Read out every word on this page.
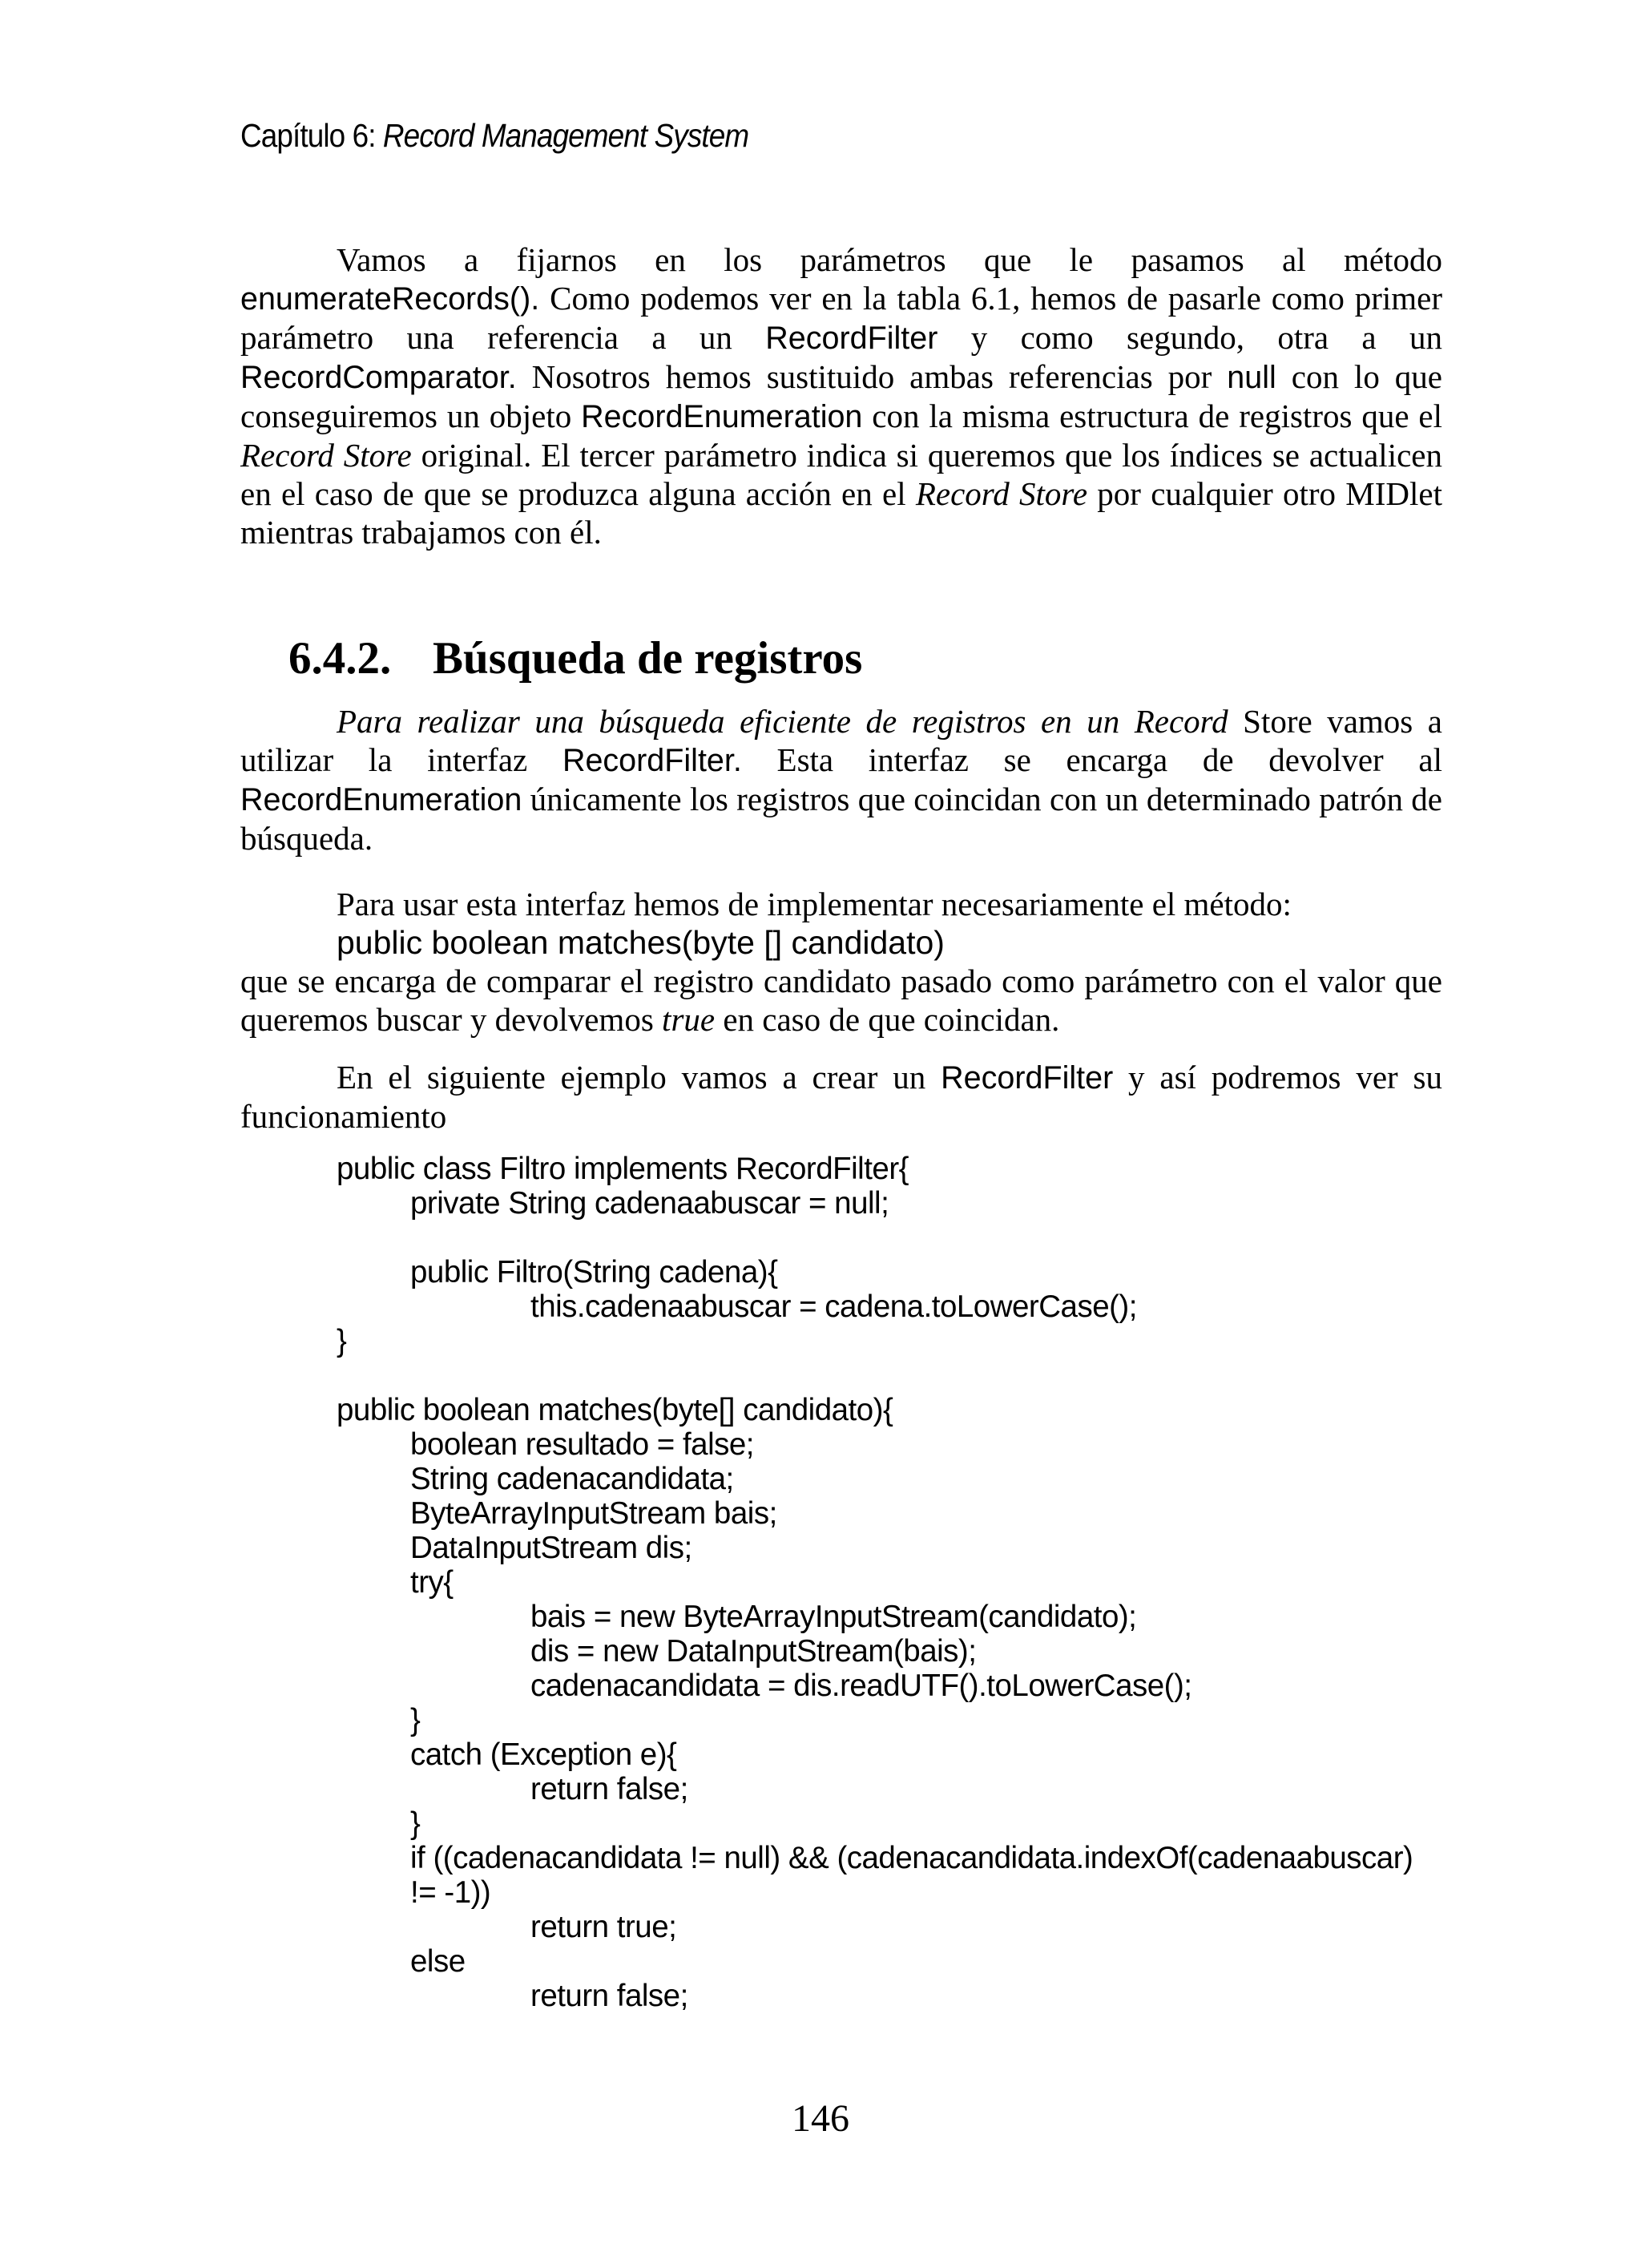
Capítulo 6: Record Management System

Vamos a fijarnos en los parámetros que le pasamos al método enumerateRecords(). Como podemos ver en la tabla 6.1, hemos de pasarle como primer parámetro una referencia a un RecordFilter y como segundo, otra a un RecordComparator. Nosotros hemos sustituido ambas referencias por null con lo que conseguiremos un objeto RecordEnumeration con la misma estructura de registros que el Record Store original. El tercer parámetro indica si queremos que los índices se actualicen en el caso de que se produzca alguna acción en el Record Store por cualquier otro MIDlet mientras trabajamos con él.

6.4.2. Búsqueda de registros

Para realizar una búsqueda eficiente de registros en un Record Store vamos a utilizar la interfaz RecordFilter. Esta interfaz se encarga de devolver al RecordEnumeration únicamente los registros que coincidan con un determinado patrón de búsqueda.

Para usar esta interfaz hemos de implementar necesariamente el método:

public boolean matches(byte [] candidato)

que se encarga de comparar el registro candidato pasado como parámetro con el valor que queremos buscar y devolvemos true en caso de que coincidan.

En el siguiente ejemplo vamos a crear un RecordFilter y así podremos ver su funcionamiento

public class Filtro implements RecordFilter{
private String cadenaabuscar = null;
public Filtro(String cadena){
this.cadenaabuscar = cadena.toLowerCase();
}
public boolean matches(byte[] candidato){
boolean resultado = false;
String cadenacandidata;
ByteArrayInputStream bais;
DataInputStream dis;
try{
bais = new ByteArrayInputStream(candidato);
dis = new DataInputStream(bais);
cadenacandidata = dis.readUTF().toLowerCase();
}
catch (Exception e){
return false;
}
if ((cadenacandidata != null) && (cadenacandidata.indexOf(cadenaabuscar)
!= -1))
return true;
else
return false;
146
